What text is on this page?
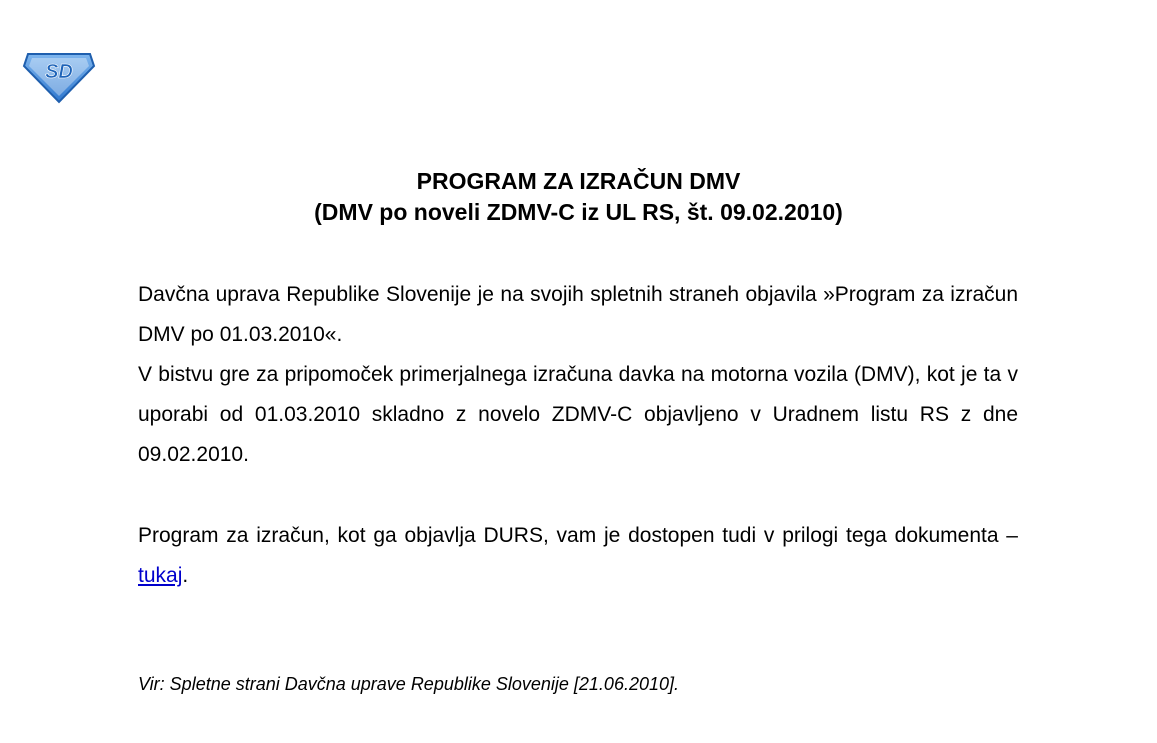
SD
PROGRAM ZA IZRAČUN DMV
(DMV po noveli ZDMV-C iz UL RS, št. 09.02.2010)

Davčna uprava Republike Slovenije je na svojih spletnih straneh objavila »Program za izračun DMV po 01.03.2010«.

V bistvu gre za pripomoček primerjalnega izračuna davka na motorna vozila (DMV), kot je ta v uporabi od 01.03.2010 skladno z novelo ZDMV-C objavljeno v Uradnem listu RS z dne 09.02.2010.

Program za izračun, kot ga objavlja DURS, vam je dostopen tudi v prilogi tega dokumenta – tukaj.

Vir: Spletne strani Davčna uprave Republike Slovenije [21.06.2010].
